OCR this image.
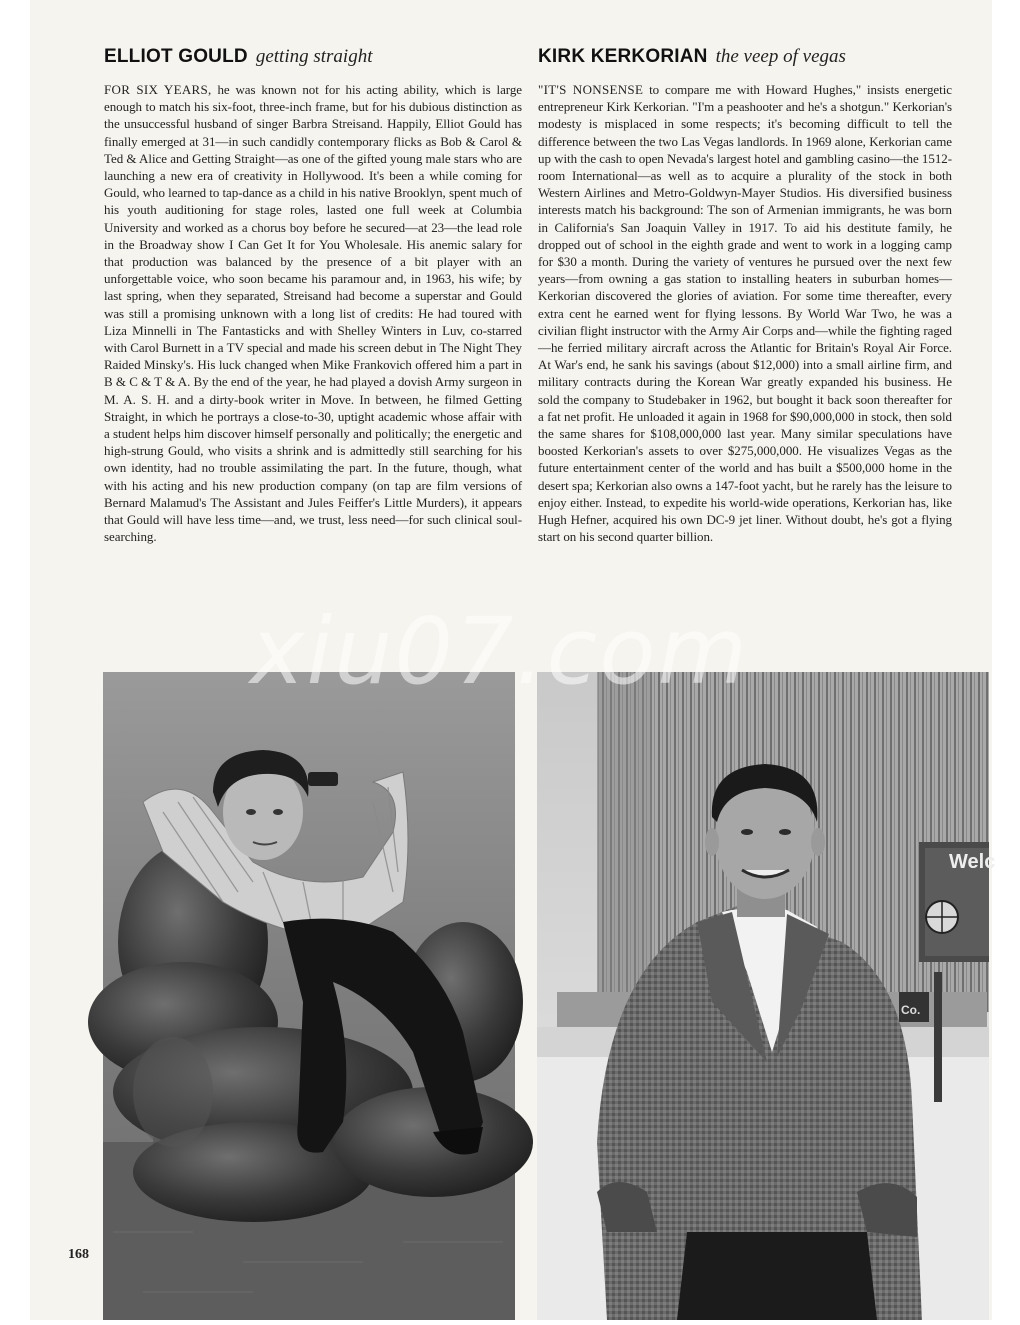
ELLIOT GOULD getting straight

FOR SIX YEARS, he was known not for his acting ability, which is large enough to match his six-foot, three-inch frame, but for his dubious distinction as the unsuccessful husband of singer Barbra Streisand. Happily, Elliot Gould has finally emerged at 31—in such candidly contemporary flicks as Bob & Carol & Ted & Alice and Getting Straight—as one of the gifted young male stars who are launching a new era of creativity in Hollywood. It's been a while coming for Gould, who learned to tap-dance as a child in his native Brooklyn, spent much of his youth auditioning for stage roles, lasted one full week at Columbia University and worked as a chorus boy before he secured—at 23—the lead role in the Broadway show I Can Get It for You Wholesale. His anemic salary for that production was balanced by the presence of a bit player with an unforgettable voice, who soon became his paramour and, in 1963, his wife; by last spring, when they separated, Streisand had become a superstar and Gould was still a promising unknown with a long list of credits: He had toured with Liza Minnelli in The Fantasticks and with Shelley Winters in Luv, co-starred with Carol Burnett in a TV special and made his screen debut in The Night They Raided Minsky's. His luck changed when Mike Frankovich offered him a part in B & C & T & A. By the end of the year, he had played a dovish Army surgeon in M. A. S. H. and a dirty-book writer in Move. In between, he filmed Getting Straight, in which he portrays a close-to-30, uptight academic whose affair with a student helps him discover himself personally and politically; the energetic and high-strung Gould, who visits a shrink and is admittedly still searching for his own identity, had no trouble assimilating the part. In the future, though, what with his acting and his new production company (on tap are film versions of Bernard Malamud's The Assistant and Jules Feiffer's Little Murders), it appears that Gould will have less time—and, we trust, less need—for such clinical soul-searching.

KIRK KERKORIAN the veep of vegas

"IT'S NONSENSE to compare me with Howard Hughes," insists energetic entrepreneur Kirk Kerkorian. "I'm a peashooter and he's a shotgun." Kerkorian's modesty is misplaced in some respects; it's becoming difficult to tell the difference between the two Las Vegas landlords. In 1969 alone, Kerkorian came up with the cash to open Nevada's largest hotel and gambling casino—the 1512-room International—as well as to acquire a plurality of the stock in both Western Airlines and Metro-Goldwyn-Mayer Studios. His diversified business interests match his background: The son of Armenian immigrants, he was born in California's San Joaquin Valley in 1917. To aid his destitute family, he dropped out of school in the eighth grade and went to work in a logging camp for $30 a month. During the variety of ventures he pursued over the next few years—from owning a gas station to installing heaters in suburban homes—Kerkorian discovered the glories of aviation. For some time thereafter, every extra cent he earned went for flying lessons. By World War Two, he was a civilian flight instructor with the Army Air Corps and—while the fighting raged—he ferried military aircraft across the Atlantic for Britain's Royal Air Force. At War's end, he sank his savings (about $12,000) into a small airline firm, and military contracts during the Korean War greatly expanded his business. He sold the company to Studebaker in 1962, but bought it back soon thereafter for a fat net profit. He unloaded it again in 1968 for $90,000,000 in stock, then sold the same shares for $108,000,000 last year. Many similar speculations have boosted Kerkorian's assets to over $275,000,000. He visualizes Vegas as the future entertainment center of the world and has built a $500,000 home in the desert spa; Kerkorian also owns a 147-foot yacht, but he rarely has the leisure to enjoy either. Instead, to expedite his world-wide operations, Kerkorian has, like Hugh Hefner, acquired his own DC-9 jet liner. Without doubt, he's got a flying start on his second quarter billion.

Welc
Co.
168
xiu07.com
